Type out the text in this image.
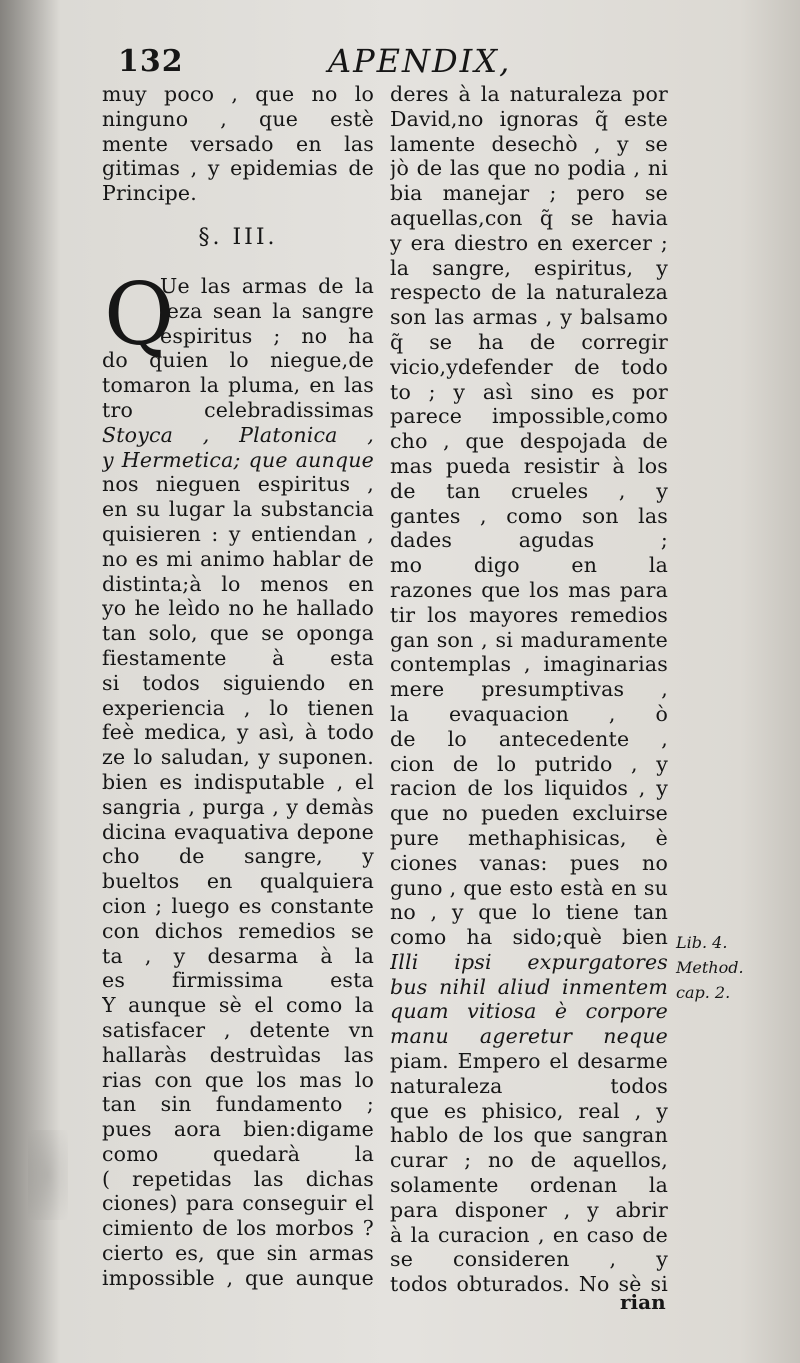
132	APENDIX,
muy poco , que no lo
ninguno , que estè
mente versado en las
gitimas , y epidemias de
Principe.
§. III.
Q
Ue las armas de la
leza sean la sangre
espiritus ; no ha
do quien lo niegue,de
tomaron la pluma, en las
tro celebradissimas
Stoyca , Platonica ,
y Hermetica; que aunque
nos nieguen espiritus ,
en su lugar la substancia
quisieren : y entiendan ,
no es mi animo hablar de
distinta;à lo menos en
yo he leìdo no he hallado
tan solo, que se oponga
fiestamente à esta
si todos siguiendo en
experiencia , lo tienen
feè medica, y asì, à todo
ze lo saludan, y suponen.
bien es indisputable , el
sangria , purga , y demàs
dicina evaquativa depone
cho de sangre, y
bueltos en qualquiera
cion ; luego es constante
con dichos remedios se
ta , y desarma à la
es firmissima esta
Y aunque sè el como la
satisfacer , detente vn
hallaràs destruìdas las
rias con que los mas lo
tan sin fundamento ;
pues aora bien:digame
como quedarà la
( repetidas las dichas
ciones) para conseguir el
cimiento de los morbos ?
cierto es, que sin armas
impossible , que aunque
deres à la naturaleza por
David,no ignoras q̃ este
lamente desechò , y se
jò de las que no podia , ni
bia manejar ; pero se
aquellas,con q̃ se havia
y era diestro en exercer ;
la sangre, espiritus, y
respecto de la naturaleza
son las armas , y balsamo
q̃ se ha de corregir
vicio,ydefender de todo
to ; y asì sino es por
parece impossible,como
cho , que despojada de
mas pueda resistir à los
de tan crueles , y
gantes , como son las
dades agudas ;
mo digo en la
razones que los mas para
tir los mayores remedios
gan son , si maduramente
contemplas , imaginarias
mere presumptivas ,
la evaquacion , ò
de lo antecedente ,
cion de lo putrido , y
racion de los liquidos , y
que no pueden excluirse
pure methaphisicas, è
ciones vanas: pues no
guno , que esto està en su
no , y que lo tiene tan
como ha sido;què bien
Illi ipsi expurgatores
bus nihil aliud inmentem
quam vitiosa è corpore
manu ageretur neque
piam. Empero el desarme
naturaleza todos
que es phisico, real , y
hablo de los que sangran
curar ; no de aquellos,
solamente ordenan la
para disponer , y abrir
à la curacion , en caso de
se consideren , y
todos obturados. No sè si
Lib. 4.
Method.
cap. 2.
rian
